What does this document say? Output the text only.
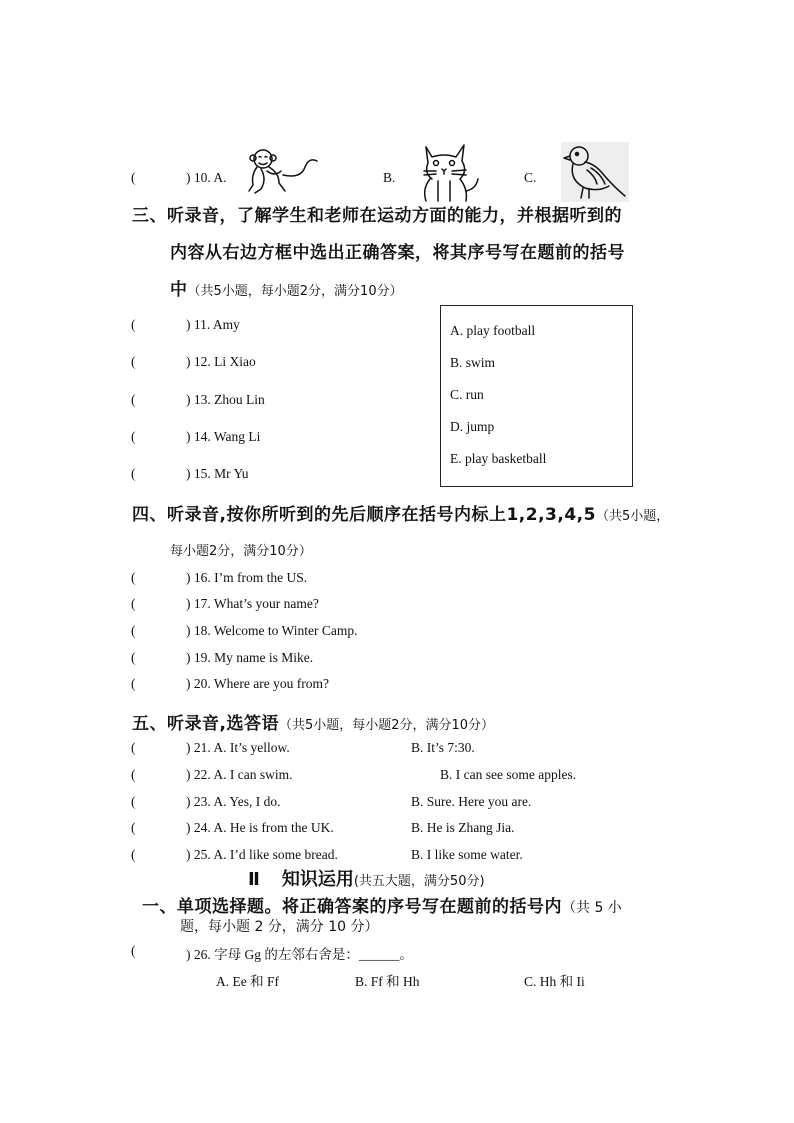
(	) 10. A.	B.	C.
三、听录音，了解学生和老师在运动方面的能力，并根据听到的
内容从右边方框中选出正确答案，将其序号写在题前的括号
中（共5小题，每小题2分，满分10分）
(	) 11. Amy
(	) 12. Li Xiao
(	) 13. Zhou Lin
(	) 14. Wang Li
(	) 15. Mr Yu
A. play football
B. swim
C. run
D. jump
E. play basketball
四、听录音,按你所听到的先后顺序在括号内标上1,2,3,4,5（共5小题，
每小题2分，满分10分）
(	) 16. I’m from the US.
(	) 17. What’s your name?
(	) 18. Welcome to Winter Camp.
(	) 19. My name is Mike.
(	) 20. Where are you from?
五、听录音,选答语（共5小题，每小题2分，满分10分）
(	) 21. A. It’s yellow.	B. It’s 7:30.
(	) 22. A. I can swim.	B. I can see some apples.
(	) 23. A. Yes, I do.	B. Sure. Here you are.
(	) 24. A. He is from the UK.	B. He is Zhang Jia.
(	) 25. A. I’d like some bread.	B. I like some water.
Ⅱ 知识运用(共五大题，满分50分)
一、单项选择题。将正确答案的序号写在题前的括号内（共 5 小
题，每小题 2 分，满分 10 分）
(	) 26. 字母 Gg 的左邻右舍是：______。
A. Ee 和 Ff	B. Ff 和 Hh	C. Hh 和 Ii
